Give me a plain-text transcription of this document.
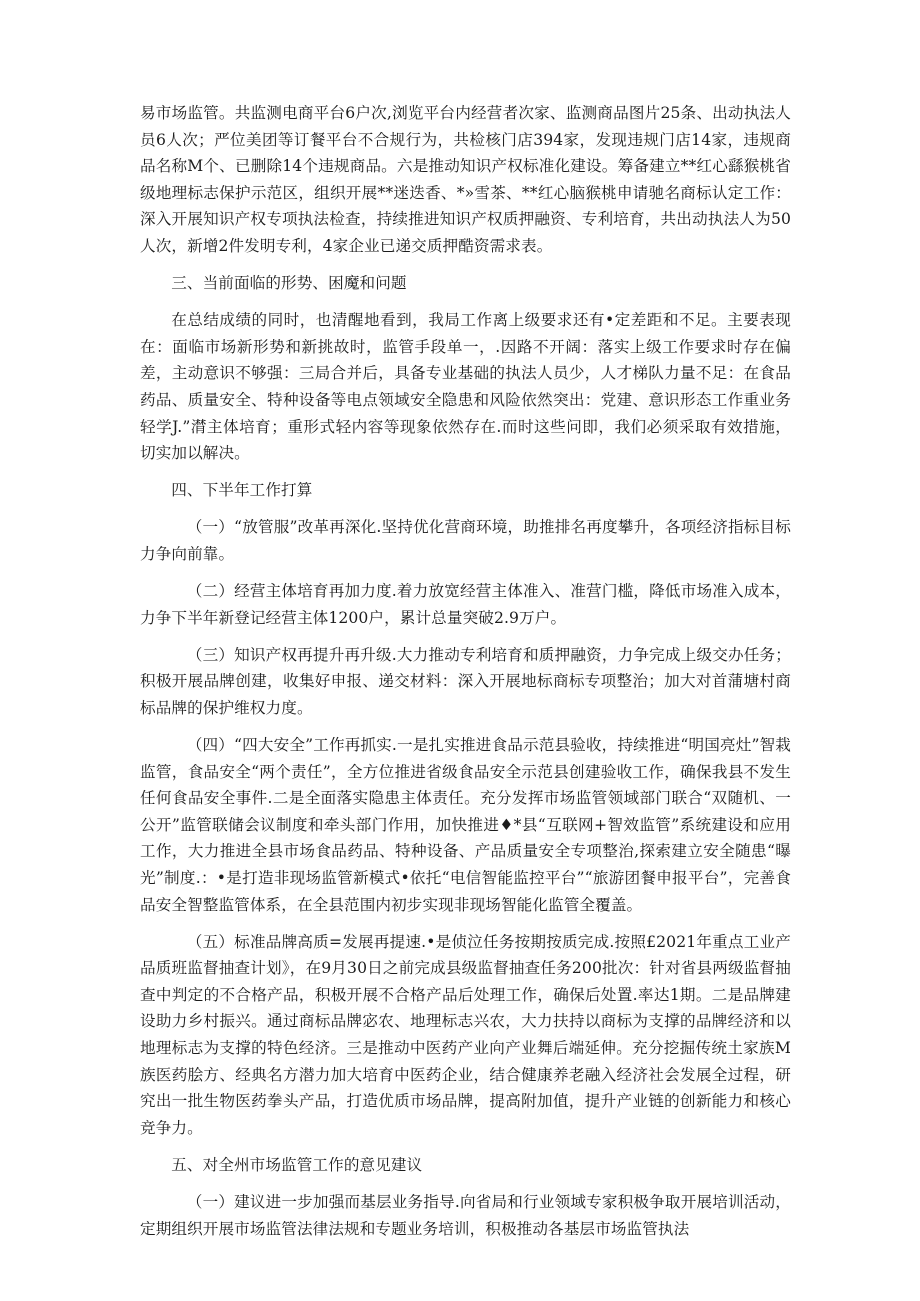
易市场监管。共监测电商平台6户次,浏览平台内经营者次家、监测商品图片25条、出动执法人员6人次；严位美团等订餐平台不合规行为，共检核门店394家，发现违规门店14家，违规商品名称M个、已删除14个违规商品。六是推动知识产权标准化建设。筹备建立**红心繇猴桃省级地理标志保护示范区，组织开展**迷迭香、*»雪茶、**红心脑猴桃申请驰名商标认定工作：深入开展知识产权专项执法检查，持续推进知识产权质押融资、专利培育，共出动执法人为50人次，新增2件发明专利，4家企业已递交质押酷资需求表。

三、当前面临的形势、困魔和问题

在总结成绩的同时，也清醒地看到，我局工作离上级要求还有•定差距和不足。主要表现在：面临市场新形势和新挑故时，监管手段单一，.因路不开阔：落实上级工作要求时存在偏差，主动意识不够强：三局合并后，具备专业基础的执法人员少，人才梯队力量不足：在食品药品、质量安全、特种设备等电点领域安全隐患和风险依然突出：党建、意识形态工作重业务轻学J.”潸主体培育；重形式轻内容等现象依然存在.而时这些问即，我们必须采取有效措施，切实加以解决。

四、下半年工作打算

（一）“放管服”改革再深化.坚持优化营商环境，助推排名再度攀升，各项经济指标目标力争向前靠。

（二）经营主体培育再加力度.着力放宽经营主体准入、准营门槛，降低市场准入成本，力争下半年新登记经营主体1200户，累计总量突破2.9万户。

（三）知识产权再提升再升级.大力推动专利培育和质押融资，力争完成上级交办任务；积极开展品牌创建，收集好申报、递交材料：深入开展地标商标专项整治；加大对首蒲塘村商标品牌的保护维权力度。

（四）“四大安全”工作再抓实.一是扎实推进食品示范县验收，持续推进“明国亮灶”智栽监管，食品安全“两个责任”，全方位推进省级食品安全示范县创建验收工作，确保我县不发生任何食品安全事件.二是全面落实隐患主体责任。充分发挥市场监管领域部门联合“双随机、一公开”监管联储会议制度和牵头部门作用，加快推进♦*县“互联网+智效监管”系统建设和应用工作，大力推进全县市场食品药品、特种设备、产品质量安全专项整治,探索建立安全随患“曝光”制度.：•是打造非现场监管新模式•依托“电信智能监控平台”“旅游团餐申报平台”，完善食品安全智整监管体系，在全县范围内初步实现非现场智能化监管全覆盖。

（五）标准品牌高质=发展再提速.•是侦泣任务按期按质完成.按照£2021年重点工业产品质班监督抽查计划》，在9月30日之前完成县级监督抽查任务200批次：针对省县两级监督抽查中判定的不合格产品，积极开展不合格产品后处理工作，确保后处置.率达1期。二是品牌建设助力乡村振兴。通过商标品牌宓农、地理标志兴农，大力扶持以商标为支撑的品牌经济和以地理标志为支撑的特色经济。三是推动中医药产业向产业舞后端延伸。充分挖掘传统土家族M族医药脍方、经典名方潜力加大培育中医药企业，结合健康养老融入经济社会发展全过程，研究出一批生物医药拳头产品，打造优质市场品牌，提高附加值，提升产业链的创新能力和核心竞争力。

五、对全州市场监管工作的意见建议

（一）建议进一步加强而基层业务指导.向省局和行业领域专家积极争取开展培训活动，定期组织开展市场监管法律法规和专题业务培训，积极推动各基层市场监管执法
